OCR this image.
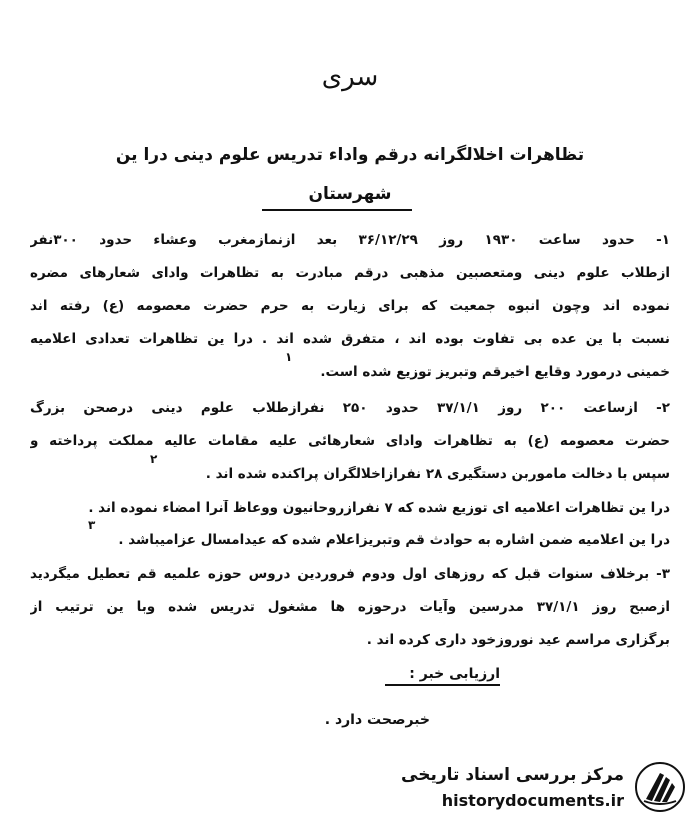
سری
تظاهرات اخلالگرانه درقم واداء تدریس علوم دینی درا ین
شهرستان
۱- حدود ساعت ۱۹۳۰ روز ۳۶/۱۲/۲۹ بعد ازنمازمغرب وعشاء حدود ۳۰۰نفر
ازطلاب علوم دینی ومتعصبین مذهبی درقم مبادرت به تظاهرات وادای شعارهای مضره
نموده اند وچون انبوه جمعیت که برای زیارت به حرم حضرت معصومه (ع) رفته اند
نسبت با ین عده بی تفاوت بوده اند ، متفرق شده اند . درا ین تظاهرات تعدادی اعلامیه
خمینی درمورد وقایع اخیرقم وتبریز توزیع شده است.
۱
۲- ازساعت ۲۰۰ روز ۳۷/۱/۱ حدود ۲۵۰ نفرازطلاب علوم دینی درصحن بزرگ
حضرت معصومه (ع) به تظاهرات وادای شعارهائی علیه مقامات عالیه مملکت پرداخته و
سپس با دخالت ماموربن دستگیری ۲۸ نفرازاخلالگران پراکنده شده اند .
۲
درا ین تظاهرات اعلامیه ای توزیع شده که ۷ نفرازروحانیون ووعاظ آنرا امضاء نموده اند .
درا ین اعلامیه ضمن اشاره به حوادث قم وتبریزاعلام شده که عیدامسال عزامیباشد .
۳
۳- برخلاف سنوات قبل که روزهای اول ودوم فروردین دروس حوزه علمیه قم تعطیل میگردید
ازصبح روز ۳۷/۱/۱ مدرسین وآیات درحوزه ها مشغول تدریس شده وبا ین ترتیب از
برگزاری مراسم عید نوروزخود داری کرده اند .
ارزیابی خبر :
خبرصحت دارد .
مرکز بررسی اسناد تاریخی
historydocuments.ir
